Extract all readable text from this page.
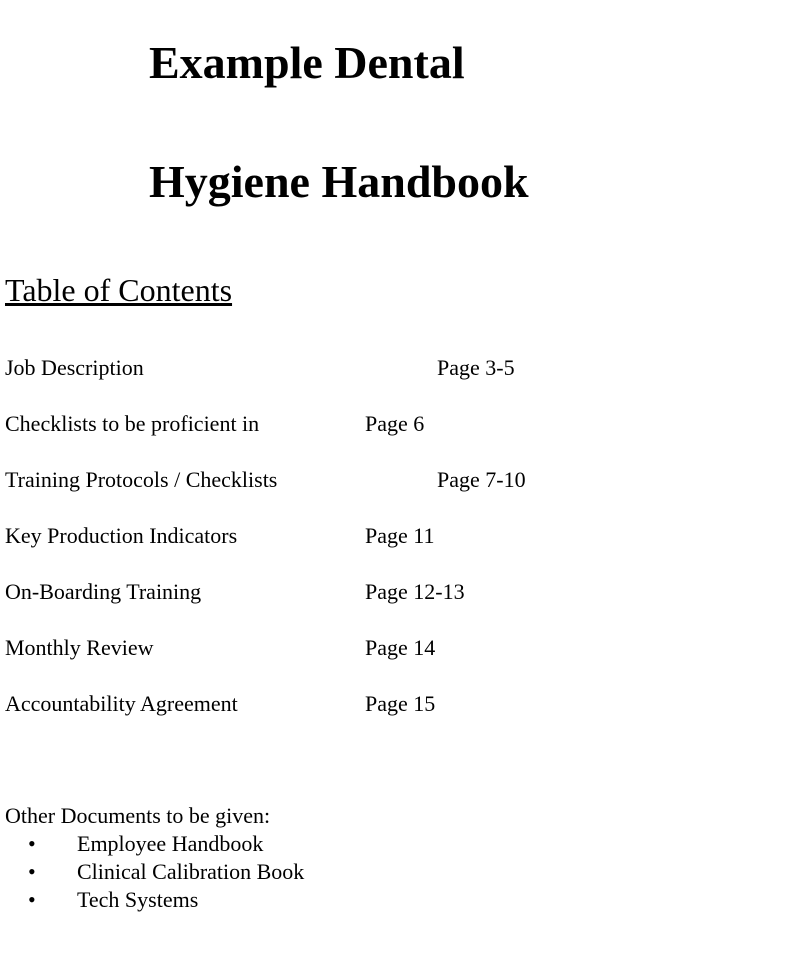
Example Dental
Hygiene Handbook
Table of Contents
Job Description	Page 3-5
Checklists to be proficient in	Page 6
Training Protocols / Checklists	Page 7-10
Key Production Indicators	Page 11
On-Boarding Training	Page 12-13
Monthly Review	Page 14
Accountability Agreement	Page 15
Other Documents to be given:
• Employee Handbook
• Clinical Calibration Book
• Tech Systems
